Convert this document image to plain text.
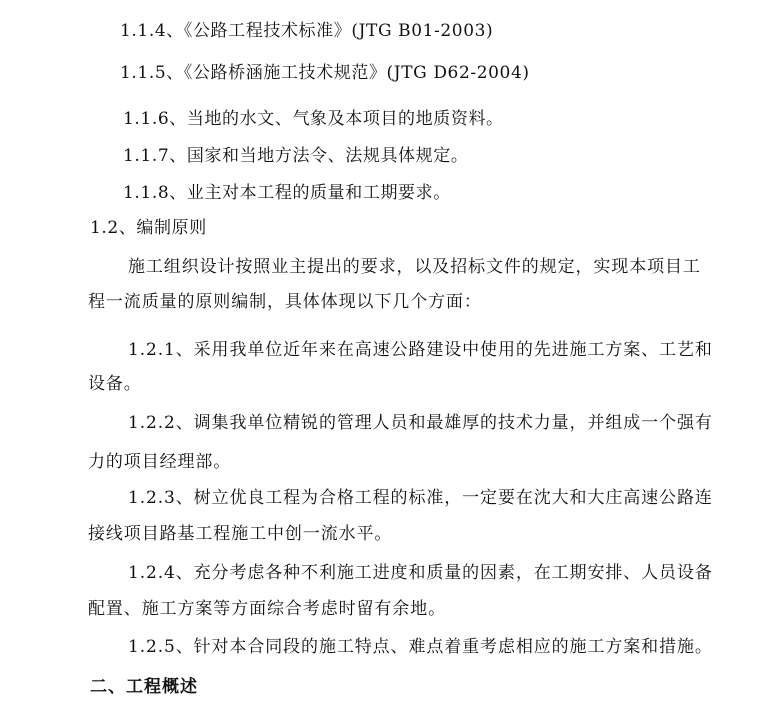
1.1.4、《公路工程技术标准》(JTG B01-2003)
1.1.5、《公路桥涵施工技术规范》(JTG D62-2004)
1.1.6、当地的水文、气象及本项目的地质资料。
1.1.7、国家和当地方法令、法规具体规定。
1.1.8、业主对本工程的质量和工期要求。
1.2、编制原则
施工组织设计按照业主提出的要求，以及招标文件的规定，实现本项目工
程一流质量的原则编制，具体体现以下几个方面：
1.2.1、采用我单位近年来在高速公路建设中使用的先进施工方案、工艺和
设备。
1.2.2、调集我单位精锐的管理人员和最雄厚的技术力量，并组成一个强有
力的项目经理部。
1.2.3、树立优良工程为合格工程的标准，一定要在沈大和大庄高速公路连
接线项目路基工程施工中创一流水平。
1.2.4、充分考虑各种不利施工进度和质量的因素，在工期安排、人员设备
配置、施工方案等方面综合考虑时留有余地。
1.2.5、针对本合同段的施工特点、难点着重考虑相应的施工方案和措施。
二、工程概述
